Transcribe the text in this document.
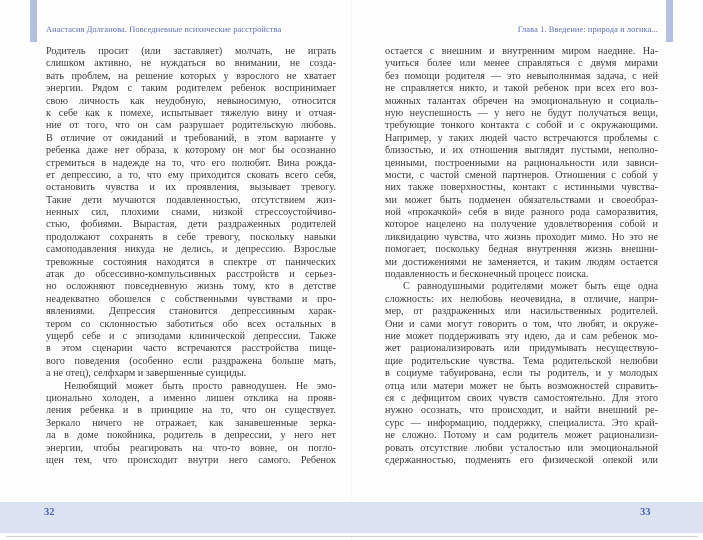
Анастасия Долганова. Повседневные психические расстройства
Родитель просит (или заставляет) молчать, не играть
слишком активно, не нуждаться во внимании, не созда-
вать проблем, на решение которых у взрослого не хватает
энергии. Рядом с таким родителем ребенок воспринимает
свою личность как неудобную, невыносимую, относится
к себе как к помехе, испытывает тяжелую вину и отчая-
ние от того, что он сам разрушает родительскую любовь.
В отличие от ожиданий и требований, в этом варианте у
ребенка даже нет образа, к которому он мог бы осознанно
стремиться в надежде на то, что его полюбят. Вина рожда-
ет депрессию, а то, что ему приходится сковать всего себя,
остановить чувства и их проявления, вызывает тревогу.
Такие дети мучаются подавленностью, отсутствием жиз-
ненных сил, плохими снами, низкой стрессоустойчиво-
стью, фобиями. Вырастая, дети раздраженных родителей
продолжают сохранять в себе тревогу, поскольку навыки
самоподавления никуда не делись, и депрессию. Взрослые
тревожные состояния находятся в спектре от панических
атак до обсессивно-компульсивных расстройств и серьез-
но осложняют повседневную жизнь тому, кто в детстве
неадекватно обошелся с собственными чувствами и про-
явлениями. Депрессия становится депрессивным харак-
тером со склонностью заботиться обо всех остальных в
ущерб себе и с эпизодами клинической депрессии. Также
в этом сценарии часто встречаются расстройства пище-
вого поведения (особенно если раздражена больше мать,
а не отец), селфхарм и завершенные суициды.
Нелюбящий может быть просто равнодушен. Не эмо-
ционально холоден, а именно лишен отклика на прояв-
ления ребенка и в принципе на то, что он существует.
Зеркало ничего не отражает, как занавешенные зерка-
ла в доме покойника, родитель в депрессии, у него нет
энергии, чтобы реагировать на что-то вовне, он погло-
щен тем, что происходит внутри него самого. Ребенок
Глава 1. Введение: природа и логика...
остается с внешним и внутренним миром наедине. На-
учиться более или менее справляться с двумя мирами
без помощи родителя — это невыполнимая задача, с ней
не справляется никто, и такой ребенок при всех его воз-
можных талантах обречен на эмоциональную и социаль-
ную неуспешность — у него не будут получаться вещи,
требующие тонкого контакта с собой и с окружающими.
Например, у таких людей часто встречаются проблемы с
близостью, и их отношения выглядят пустыми, неполно-
ценными, построенными на рациональности или зависи-
мости, с частой сменой партнеров. Отношения с собой у
них также поверхностны, контакт с истинными чувства-
ми может быть подменен обязательствами и своеобраз-
ной «прокачкой» себя в виде разного рода саморазвития,
которое нацелено на получение удовлетворения собой и
ликвидацию чувства, что жизнь проходит мимо. Но это не
помогает, поскольку бедная внутренняя жизнь внешни-
ми достижениями не заменяется, и таким людям остается
подавленность и бесконечный процесс поиска.
С равнодушными родителями может быть еще одна
сложность: их нелюбовь неочевидна, в отличие, напри-
мер, от раздраженных или насильственных родителей.
Они и сами могут говорить о том, что любят, и окруже-
ние может поддерживать эту идею, да и сам ребенок мо-
жет рационализировать или придумывать несуществую-
щие родительские чувства. Тема родительской нелюбви
в социуме табуирована, если ты родитель, и у молодых
отца или матери может не быть возможностей справить-
ся с дефицитом своих чувств самостоятельно. Для этого
нужно осознать, что происходит, и найти внешний ре-
сурс — информацию, поддержку, специалиста. Это край-
не сложно. Потому и сам родитель может рационализи-
ровать отсутствие любви усталостью или эмоциональной
сдержанностью, подменять его физической опекой или
32	33
